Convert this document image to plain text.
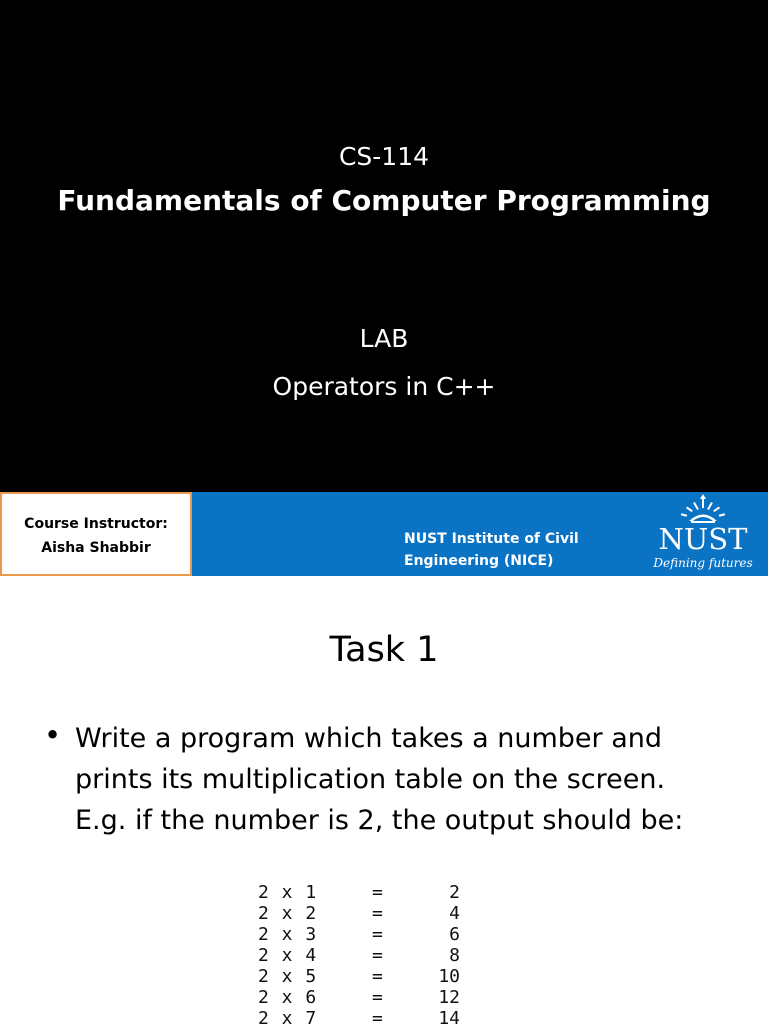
CS-114
Fundamentals of Computer Programming
LAB
Operators in C++
Course Instructor:
Aisha Shabbir
NUST Institute of Civil
Engineering (NICE)
NUST
Defining futures
Task 1
• Write a program which takes a number and
prints its multiplication table on the screen.
E.g. if the number is 2, the output should be:
2 x 1	=	2
2 x 2	=	4
2 x 3	=	6
2 x 4	=	8
2 x 5	=	10
2 x 6	=	12
2 x 7	=	14
